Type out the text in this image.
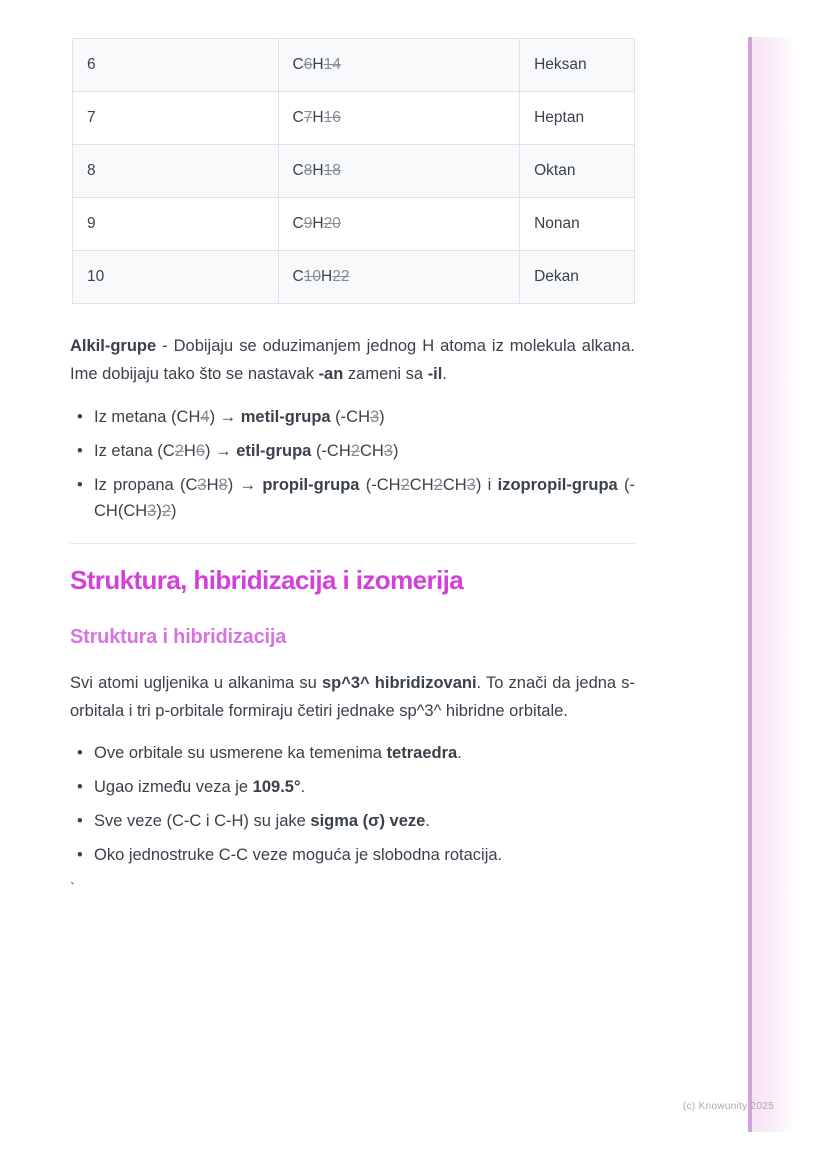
6	C6H14	Heksan
7	C7H16	Heptan
8	C8H18	Oktan
9	C9H20	Nonan
10	C10H22	Dekan

Alkil-grupe - Dobijaju se oduzimanjem jednog H atoma iz molekula alkana. Ime dobijaju tako što se nastavak -an zameni sa -il.

• Iz metana (CH4) → metil-grupa (-CH3)
• Iz etana (C2H6) → etil-grupa (-CH2CH3)
• Iz propana (C3H8) → propil-grupa (-CH2CH2CH3) i izopropil-grupa (-CH(CH3)2)
Struktura, hibridizacija i izomerija
Struktura i hibridizacija

Svi atomi ugljenika u alkanima su sp^3^ hibridizovani. To znači da jedna s-orbitala i tri p-orbitale formiraju četiri jednake sp^3^ hibridne orbitale.

• Ove orbitale su usmerene ka temenima tetraedra.
• Ugao između veza je 109.5°.
• Sve veze (C-C i C-H) su jake sigma (σ) veze.
• Oko jednostruke C-C veze moguća je slobodna rotacija.
`
(c) Knowunity 2025
